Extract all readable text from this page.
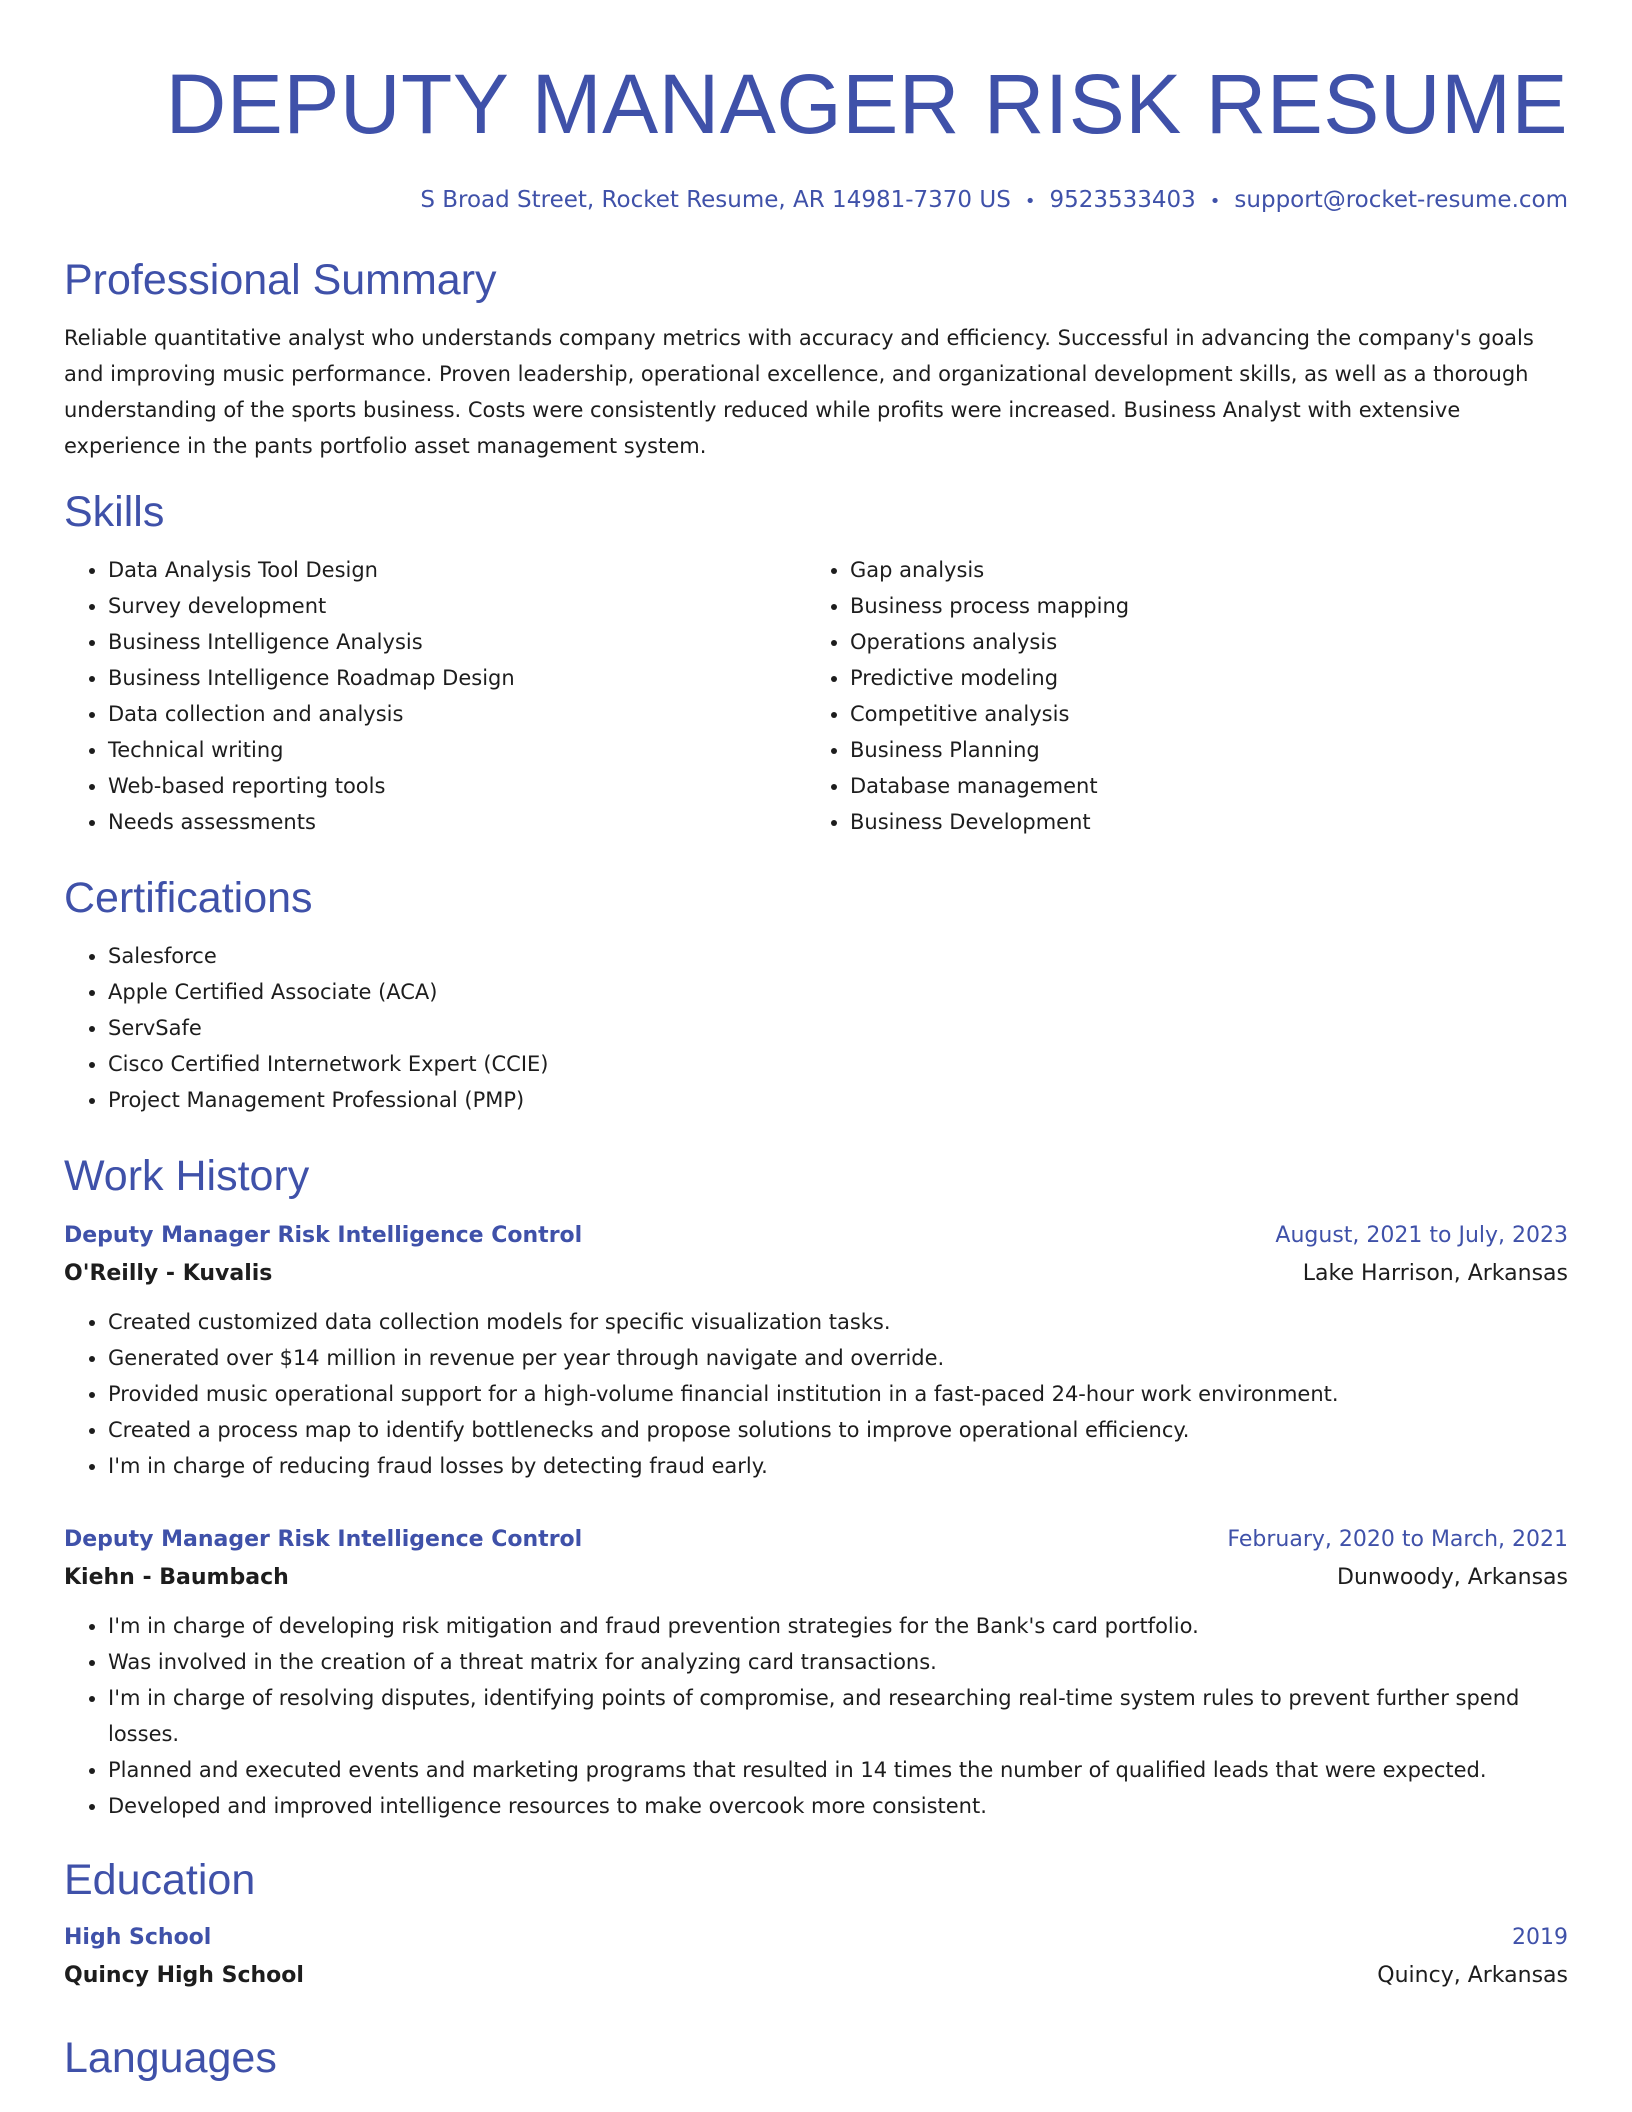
DEPUTY MANAGER RISK RESUME
S Broad Street, Rocket Resume, AR 14981-7370 US • 9523533403 • support@rocket-resume.com
Professional Summary
Reliable quantitative analyst who understands company metrics with accuracy and efficiency. Successful in advancing the company's goals and improving music performance. Proven leadership, operational excellence, and organizational development skills, as well as a thorough understanding of the sports business. Costs were consistently reduced while profits were increased. Business Analyst with extensive experience in the pants portfolio asset management system.
Skills
• Data Analysis Tool Design
• Survey development
• Business Intelligence Analysis
• Business Intelligence Roadmap Design
• Data collection and analysis
• Technical writing
• Web-based reporting tools
• Needs assessments
• Gap analysis
• Business process mapping
• Operations analysis
• Predictive modeling
• Competitive analysis
• Business Planning
• Database management
• Business Development
Certifications
• Salesforce
• Apple Certified Associate (ACA)
• ServSafe
• Cisco Certified Internetwork Expert (CCIE)
• Project Management Professional (PMP)
Work History
Deputy Manager Risk Intelligence Control	August, 2021 to July, 2023
O'Reilly - Kuvalis	Lake Harrison, Arkansas
• Created customized data collection models for specific visualization tasks.
• Generated over $14 million in revenue per year through navigate and override.
• Provided music operational support for a high-volume financial institution in a fast-paced 24-hour work environment.
• Created a process map to identify bottlenecks and propose solutions to improve operational efficiency.
• I'm in charge of reducing fraud losses by detecting fraud early.
Deputy Manager Risk Intelligence Control	February, 2020 to March, 2021
Kiehn - Baumbach	Dunwoody, Arkansas
• I'm in charge of developing risk mitigation and fraud prevention strategies for the Bank's card portfolio.
• Was involved in the creation of a threat matrix for analyzing card transactions.
• I'm in charge of resolving disputes, identifying points of compromise, and researching real-time system rules to prevent further spend losses.
• Planned and executed events and marketing programs that resulted in 14 times the number of qualified leads that were expected.
• Developed and improved intelligence resources to make overcook more consistent.
Education
High School	2019
Quincy High School	Quincy, Arkansas
Languages
